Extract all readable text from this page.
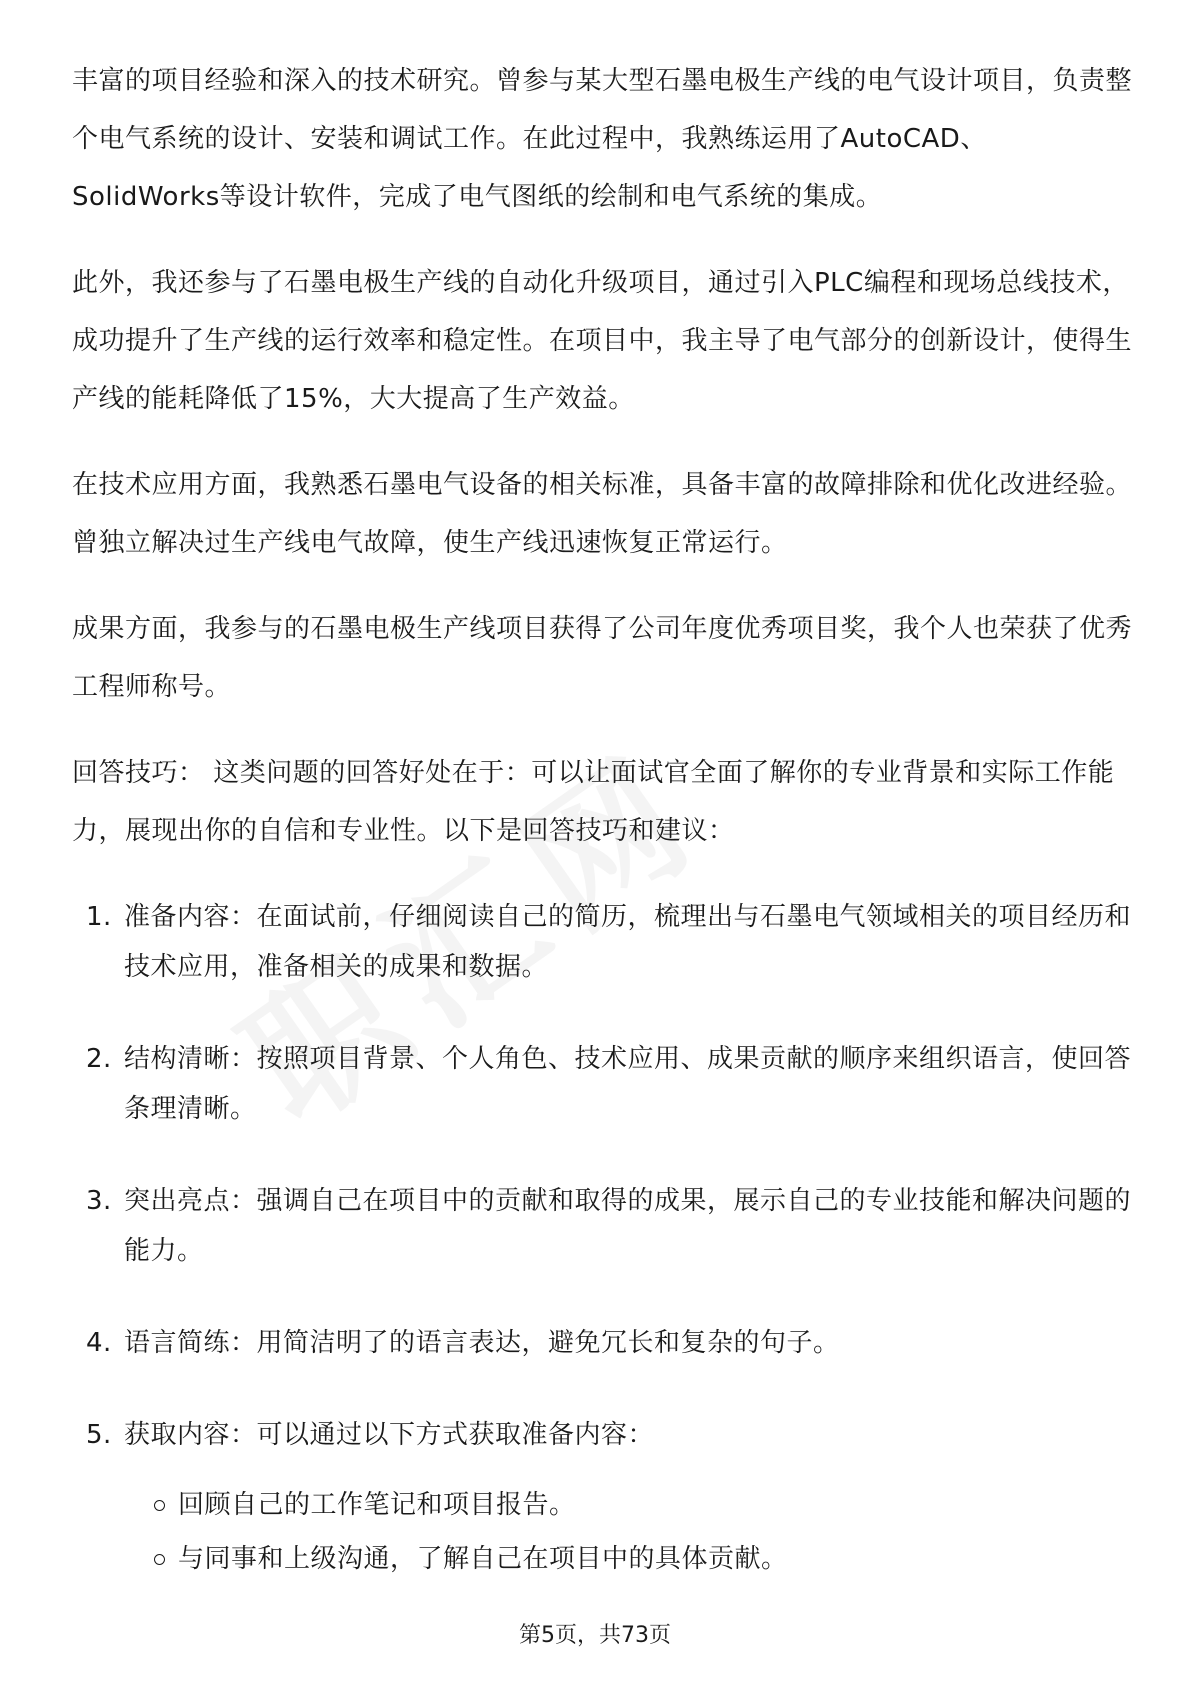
丰富的项目经验和深入的技术研究。曾参与某大型石墨电极生产线的电气设计项目，负责整个电气系统的设计、安装和调试工作。在此过程中，我熟练运用了AutoCAD、SolidWorks等设计软件，完成了电气图纸的绘制和电气系统的集成。

此外，我还参与了石墨电极生产线的自动化升级项目，通过引入PLC编程和现场总线技术，成功提升了生产线的运行效率和稳定性。在项目中，我主导了电气部分的创新设计，使得生产线的能耗降低了15%，大大提高了生产效益。

在技术应用方面，我熟悉石墨电气设备的相关标准，具备丰富的故障排除和优化改进经验。曾独立解决过生产线电气故障，使生产线迅速恢复正常运行。

成果方面，我参与的石墨电极生产线项目获得了公司年度优秀项目奖，我个人也荣获了优秀工程师称号。

回答技巧： 这类问题的回答好处在于：可以让面试官全面了解你的专业背景和实际工作能力，展现出你的自信和专业性。以下是回答技巧和建议：

1. 准备内容：在面试前，仔细阅读自己的简历，梳理出与石墨电气领域相关的项目经历和技术应用，准备相关的成果和数据。
2. 结构清晰：按照项目背景、个人角色、技术应用、成果贡献的顺序来组织语言，使回答条理清晰。
3. 突出亮点：强调自己在项目中的贡献和取得的成果，展示自己的专业技能和解决问题的能力。
4. 语言简练：用简洁明了的语言表达，避免冗长和复杂的句子。
5. 获取内容：可以通过以下方式获取准备内容：
回顾自己的工作笔记和项目报告。
与同事和上级沟通，了解自己在项目中的具体贡献。
第5页，共73页
